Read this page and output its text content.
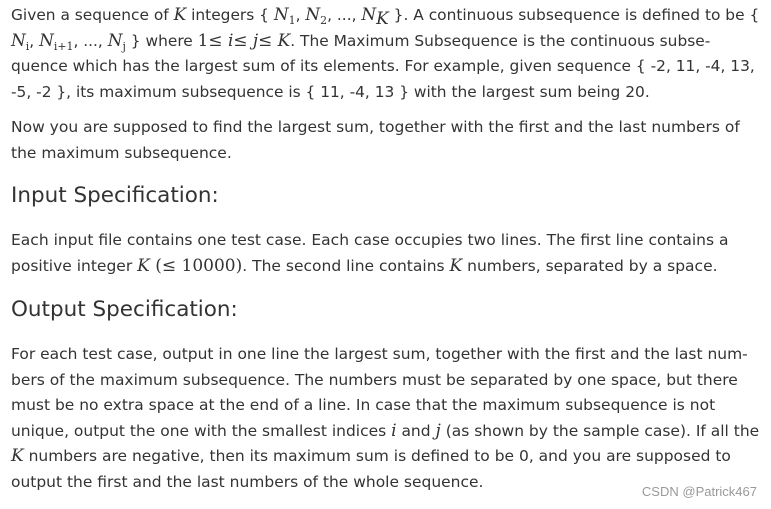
Given a sequence of K integers { $N_1$, $N_2$, ..., $N_K$ }. A continuous subsequence is defined to be {
$N_i$, $N_{i+1}$, ..., $N_j$ } where 1≤ i≤ j≤ K. The Maximum Subsequence is the continuous subse-
quence which has the largest sum of its elements. For example, given sequence { -2, 11, -4, 13,
-5, -2 }, its maximum subsequence is { 11, -4, 13 } with the largest sum being 20.

Now you are supposed to find the largest sum, together with the first and the last numbers of
the maximum subsequence.

Input Specification:

Each input file contains one test case. Each case occupies two lines. The first line contains a
positive integer K (≤ 10000). The second line contains K numbers, separated by a space.

Output Specification:

For each test case, output in one line the largest sum, together with the first and the last num-
bers of the maximum subsequence. The numbers must be separated by one space, but there
must be no extra space at the end of a line. In case that the maximum subsequence is not
unique, output the one with the smallest indices i and j (as shown by the sample case). If all the
K numbers are negative, then its maximum sum is defined to be 0, and you are supposed to
output the first and the last numbers of the whole sequence.

CSDN @Patrick467
